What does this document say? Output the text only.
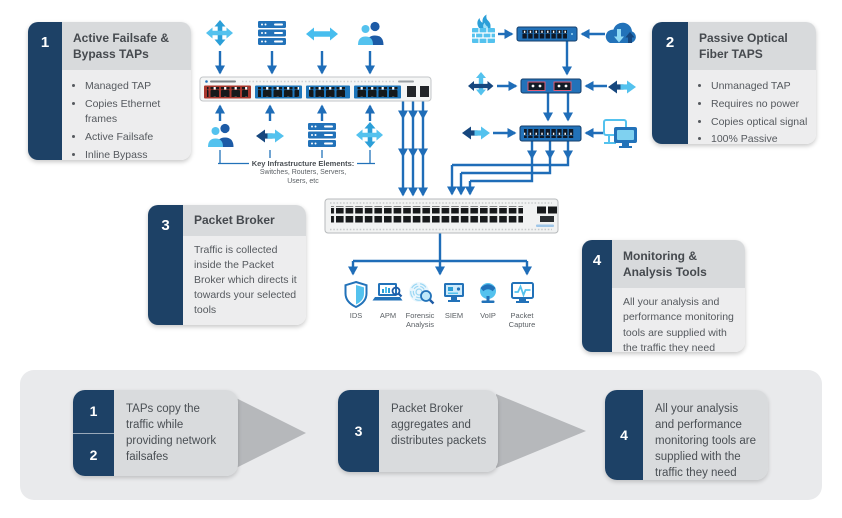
1	Active Failsafe & Bypass TAPs
• Managed TAP
• Copies Ethernet frames
• Active Failsafe
• Inline Bypass
2	Passive Optical Fiber TAPS
• Unmanaged TAP
• Requires no power
• Copies optical signal
• 100% Passive
3	Packet Broker
Traffic is collected inside the Packet Broker which directs it towards your selected tools
4	Monitoring & Analysis Tools
All your analysis and performance monitoring tools are supplied with the traffic they need
Key Infrastructure Elements:
Switches, Routers, Servers,
Users, etc
IDS	APM	Forensic Analysis
SIEM	VoIP	Packet Capture
1
2
TAPs copy the traffic while providing network failsafes
3
Packet Broker aggregates and distributes packets	4
All your analysis and performance monitoring tools are supplied with the traffic they need
